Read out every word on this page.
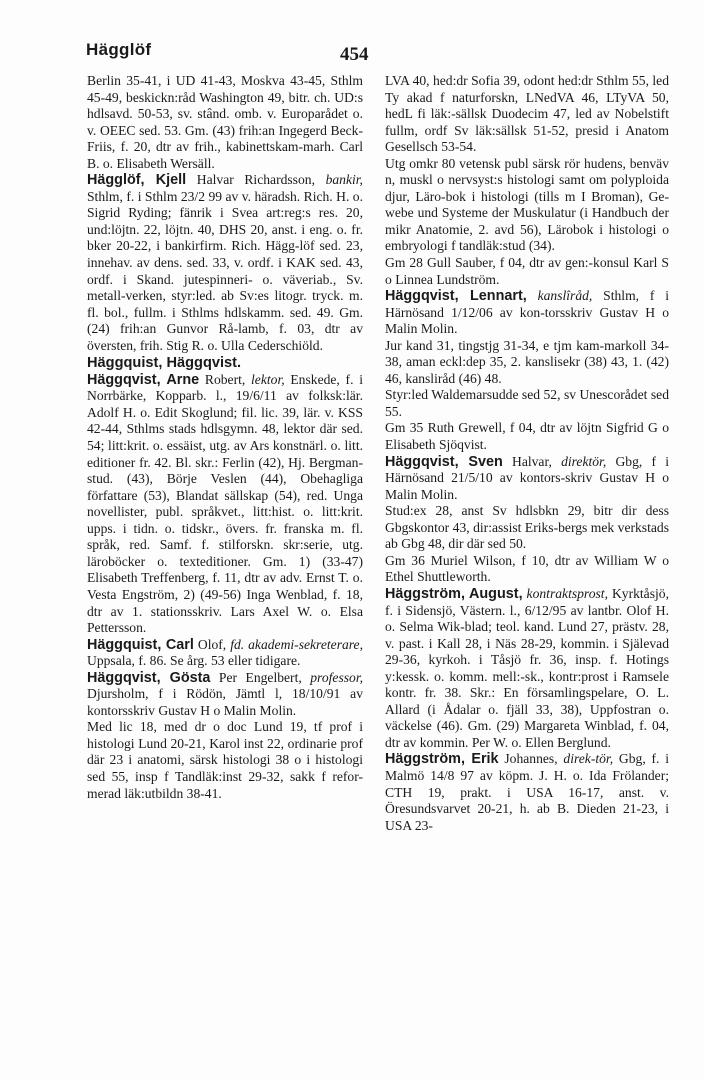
Hägglöf	454

Berlin 35-41, i UD 41-43, Moskva 43-45, Sthlm 45-49, beskickn:råd Washington 49, bitr. ch. UD:s hdlsavd. 50-53, sv. stând. omb. v. Europarådet o. v. OEEC sed. 53. Gm. (43) frih:an Ingegerd Beck-Friis, f. 20, dtr av frih., kabinettskam-marh. Carl B. o. Elisabeth Wersäll.

Hägglöf, Kjell Halvar Richardsson, bankir, Sthlm, f. i Sthlm 23/2 99 av v. häradsh. Rich. H. o. Sigrid Ryding; fänrik i Svea art:reg:s res. 20, und:löjtn. 22, löjtn. 40, DHS 20, anst. i eng. o. fr. bker 20-22, i bankirfirm. Rich. Hägg-löf sed. 23, innehav. av dens. sed. 33, v. ordf. i KAK sed. 43, ordf. i Skand. jutespinneri- o. väveriab., Sv. metall-verken, styr:led. ab Sv:es litogr. tryck. m. fl. bol., fullm. i Sthlms hdlskamm. sed. 49. Gm. (24) frih:an Gunvor Rå-lamb, f. 03, dtr av översten, frih. Stig R. o. Ulla Cederschiöld.

Häggquist, Häggqvist.

Häggqvist, Arne Robert, lektor, Enskede, f. i Norrbärke, Kopparb. l., 19/6/11 av folksk:lär. Adolf H. o. Edit Skoglund; fil. lic. 39, lär. v. KSS 42-44, Sthlms stads hdlsgymn. 48, lektor där sed. 54; litt:krit. o. essäist, utg. av Ars konstnärl. o. litt. editioner fr. 42. Bl. skr.: Ferlin (42), Hj. Bergman-stud. (43), Börje Veslen (44), Obehagliga författare (53), Blandat sällskap (54), red. Unga novellister, publ. språkvet., litt:hist. o. litt:krit. upps. i tidn. o. tidskr., övers. fr. franska m. fl. språk, red. Samf. f. stilforskn. skr:serie, utg. läroböcker o. texteditioner. Gm. 1) (33-47) Elisabeth Treffenberg, f. 11, dtr av adv. Ernst T. o. Vesta Engström, 2) (49-56) Inga Wenblad, f. 18, dtr av 1. stationsskriv. Lars Axel W. o. Elsa Pettersson.

Häggquist, Carl Olof, fd. akademi-sekreterare, Uppsala, f. 86. Se årg. 53 eller tidigare.

Häggqvist, Gösta Per Engelbert, professor, Djursholm, f i Rödön, Jämtl l, 18/10/91 av kontorsskriv Gustav H o Malin Molin.

Med lic 18, med dr o doc Lund 19, tf prof i histologi Lund 20-21, Karol inst 22, ordinarie prof där 23 i anatomi, särsk histologi 38 o i histologi sed 55, insp f Tandläk:inst 29-32, sakk f refor-merad läk:utbildn 38-41.

LVA 40, hed:dr Sofia 39, odont hed:dr Sthlm 55, led Ty akad f naturforskn, LNedVA 46, LTyVA 50, hedL fi läk:-sällsk Duodecim 47, led av Nobelstift fullm, ordf Sv läk:sällsk 51-52, presid i Anatom Gesellsch 53-54.

Utg omkr 80 vetensk publ särsk rör hudens, benväv n, muskl o nervsyst:s histologi samt om polyploida djur, Läro-bok i histologi (tills m I Broman), Ge-webe und Systeme der Muskulatur (i Handbuch der mikr Anatomie, 2. avd 56), Lärobok i histologi o embryologi f tandläk:stud (34).

Gm 28 Gull Sauber, f 04, dtr av gen:-konsul Karl S o Linnea Lundström.

Häggqvist, Lennart, kanslîråd, Sthlm, f i Härnösand 1/12/06 av kon-torsskriv Gustav H o Malin Molin.

Jur kand 31, tingstjg 31-34, e tjm kam-markoll 34-38, aman eckl:dep 35, 2. kanslisekr (38) 43, 1. (42) 46, kansliråd (46) 48.

Styr:led Waldemarsudde sed 52, sv Unescorådet sed 55.

Gm 35 Ruth Grewell, f 04, dtr av löjtn Sigfrid G o Elisabeth Sjöqvist.

Häggqvist, Sven Halvar, direktör, Gbg, f i Härnösand 21/5/10 av kontors-skriv Gustav H o Malin Molin.

Stud:ex 28, anst Sv hdlsbkn 29, bitr dir dess Gbgskontor 43, dir:assist Eriks-bergs mek verkstads ab Gbg 48, dir där sed 50.

Gm 36 Muriel Wilson, f 10, dtr av William W o Ethel Shuttleworth.

Häggström, August, kontraktsprost, Kyrktåsjö, f. i Sidensjö, Västern. l., 6/12/95 av lantbr. Olof H. o. Selma Wik-blad; teol. kand. Lund 27, prästv. 28, v. past. i Kall 28, i Näs 28-29, kommin. i Själevad 29-36, kyrkoh. i Tåsjö fr. 36, insp. f. Hotings y:kessk. o. komm. mell:-sk., kontr:prost i Ramsele kontr. fr. 38. Skr.: En församlingspelare, O. L. Allard (i Ådalar o. fjäll 33, 38), Uppfostran o. väckelse (46). Gm. (29) Margareta Winblad, f. 04, dtr av kommin. Per W. o. Ellen Berglund.

Häggström, Erik Johannes, direk-tör, Gbg, f. i Malmö 14/8 97 av köpm. J. H. o. Ida Frölander; CTH 19, prakt. i USA 16-17, anst. v. Öresundsvarvet 20-21, h. ab B. Dieden 21-23, i USA 23-
